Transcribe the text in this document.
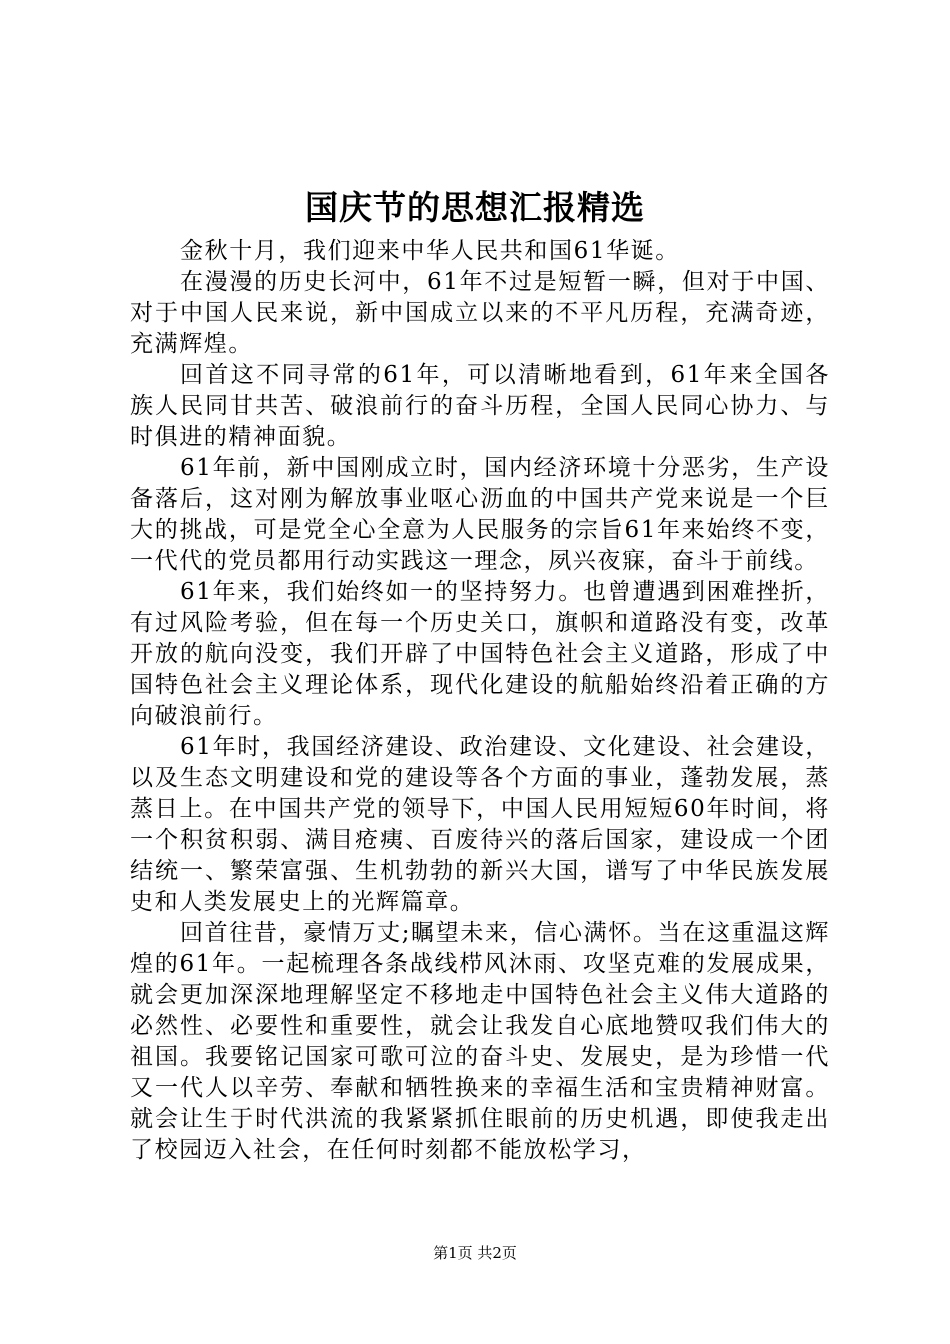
国庆节的思想汇报精选

金秋十月，我们迎来中华人民共和国61华诞。

在漫漫的历史长河中，61年不过是短暂一瞬，但对于中国、对于中国人民来说，新中国成立以来的不平凡历程，充满奇迹，充满辉煌。

回首这不同寻常的61年，可以清晰地看到，61年来全国各族人民同甘共苦、破浪前行的奋斗历程，全国人民同心协力、与时俱进的精神面貌。

61年前，新中国刚成立时，国内经济环境十分恶劣，生产设备落后，这对刚为解放事业呕心沥血的中国共产党来说是一个巨大的挑战，可是党全心全意为人民服务的宗旨61年来始终不变，一代代的党员都用行动实践这一理念，夙兴夜寐，奋斗于前线。

61年来，我们始终如一的坚持努力。也曾遭遇到困难挫折，有过风险考验，但在每一个历史关口，旗帜和道路没有变，改革开放的航向没变，我们开辟了中国特色社会主义道路，形成了中国特色社会主义理论体系，现代化建设的航船始终沿着正确的方向破浪前行。

61年时，我国经济建设、政治建设、文化建设、社会建设，以及生态文明建设和党的建设等各个方面的事业，蓬勃发展，蒸蒸日上。在中国共产党的领导下，中国人民用短短60年时间，将一个积贫积弱、满目疮痍、百废待兴的落后国家，建设成一个团结统一、繁荣富强、生机勃勃的新兴大国，谱写了中华民族发展史和人类发展史上的光辉篇章。

回首往昔，豪情万丈;瞩望未来，信心满怀。当在这重温这辉煌的61年。一起梳理各条战线栉风沐雨、攻坚克难的发展成果，就会更加深深地理解坚定不移地走中国特色社会主义伟大道路的必然性、必要性和重要性，就会让我发自心底地赞叹我们伟大的祖国。我要铭记国家可歌可泣的奋斗史、发展史，是为珍惜一代又一代人以辛劳、奉献和牺牲换来的幸福生活和宝贵精神财富。就会让生于时代洪流的我紧紧抓住眼前的历史机遇，即使我走出了校园迈入社会，在任何时刻都不能放松学习，

第1页 共2页
